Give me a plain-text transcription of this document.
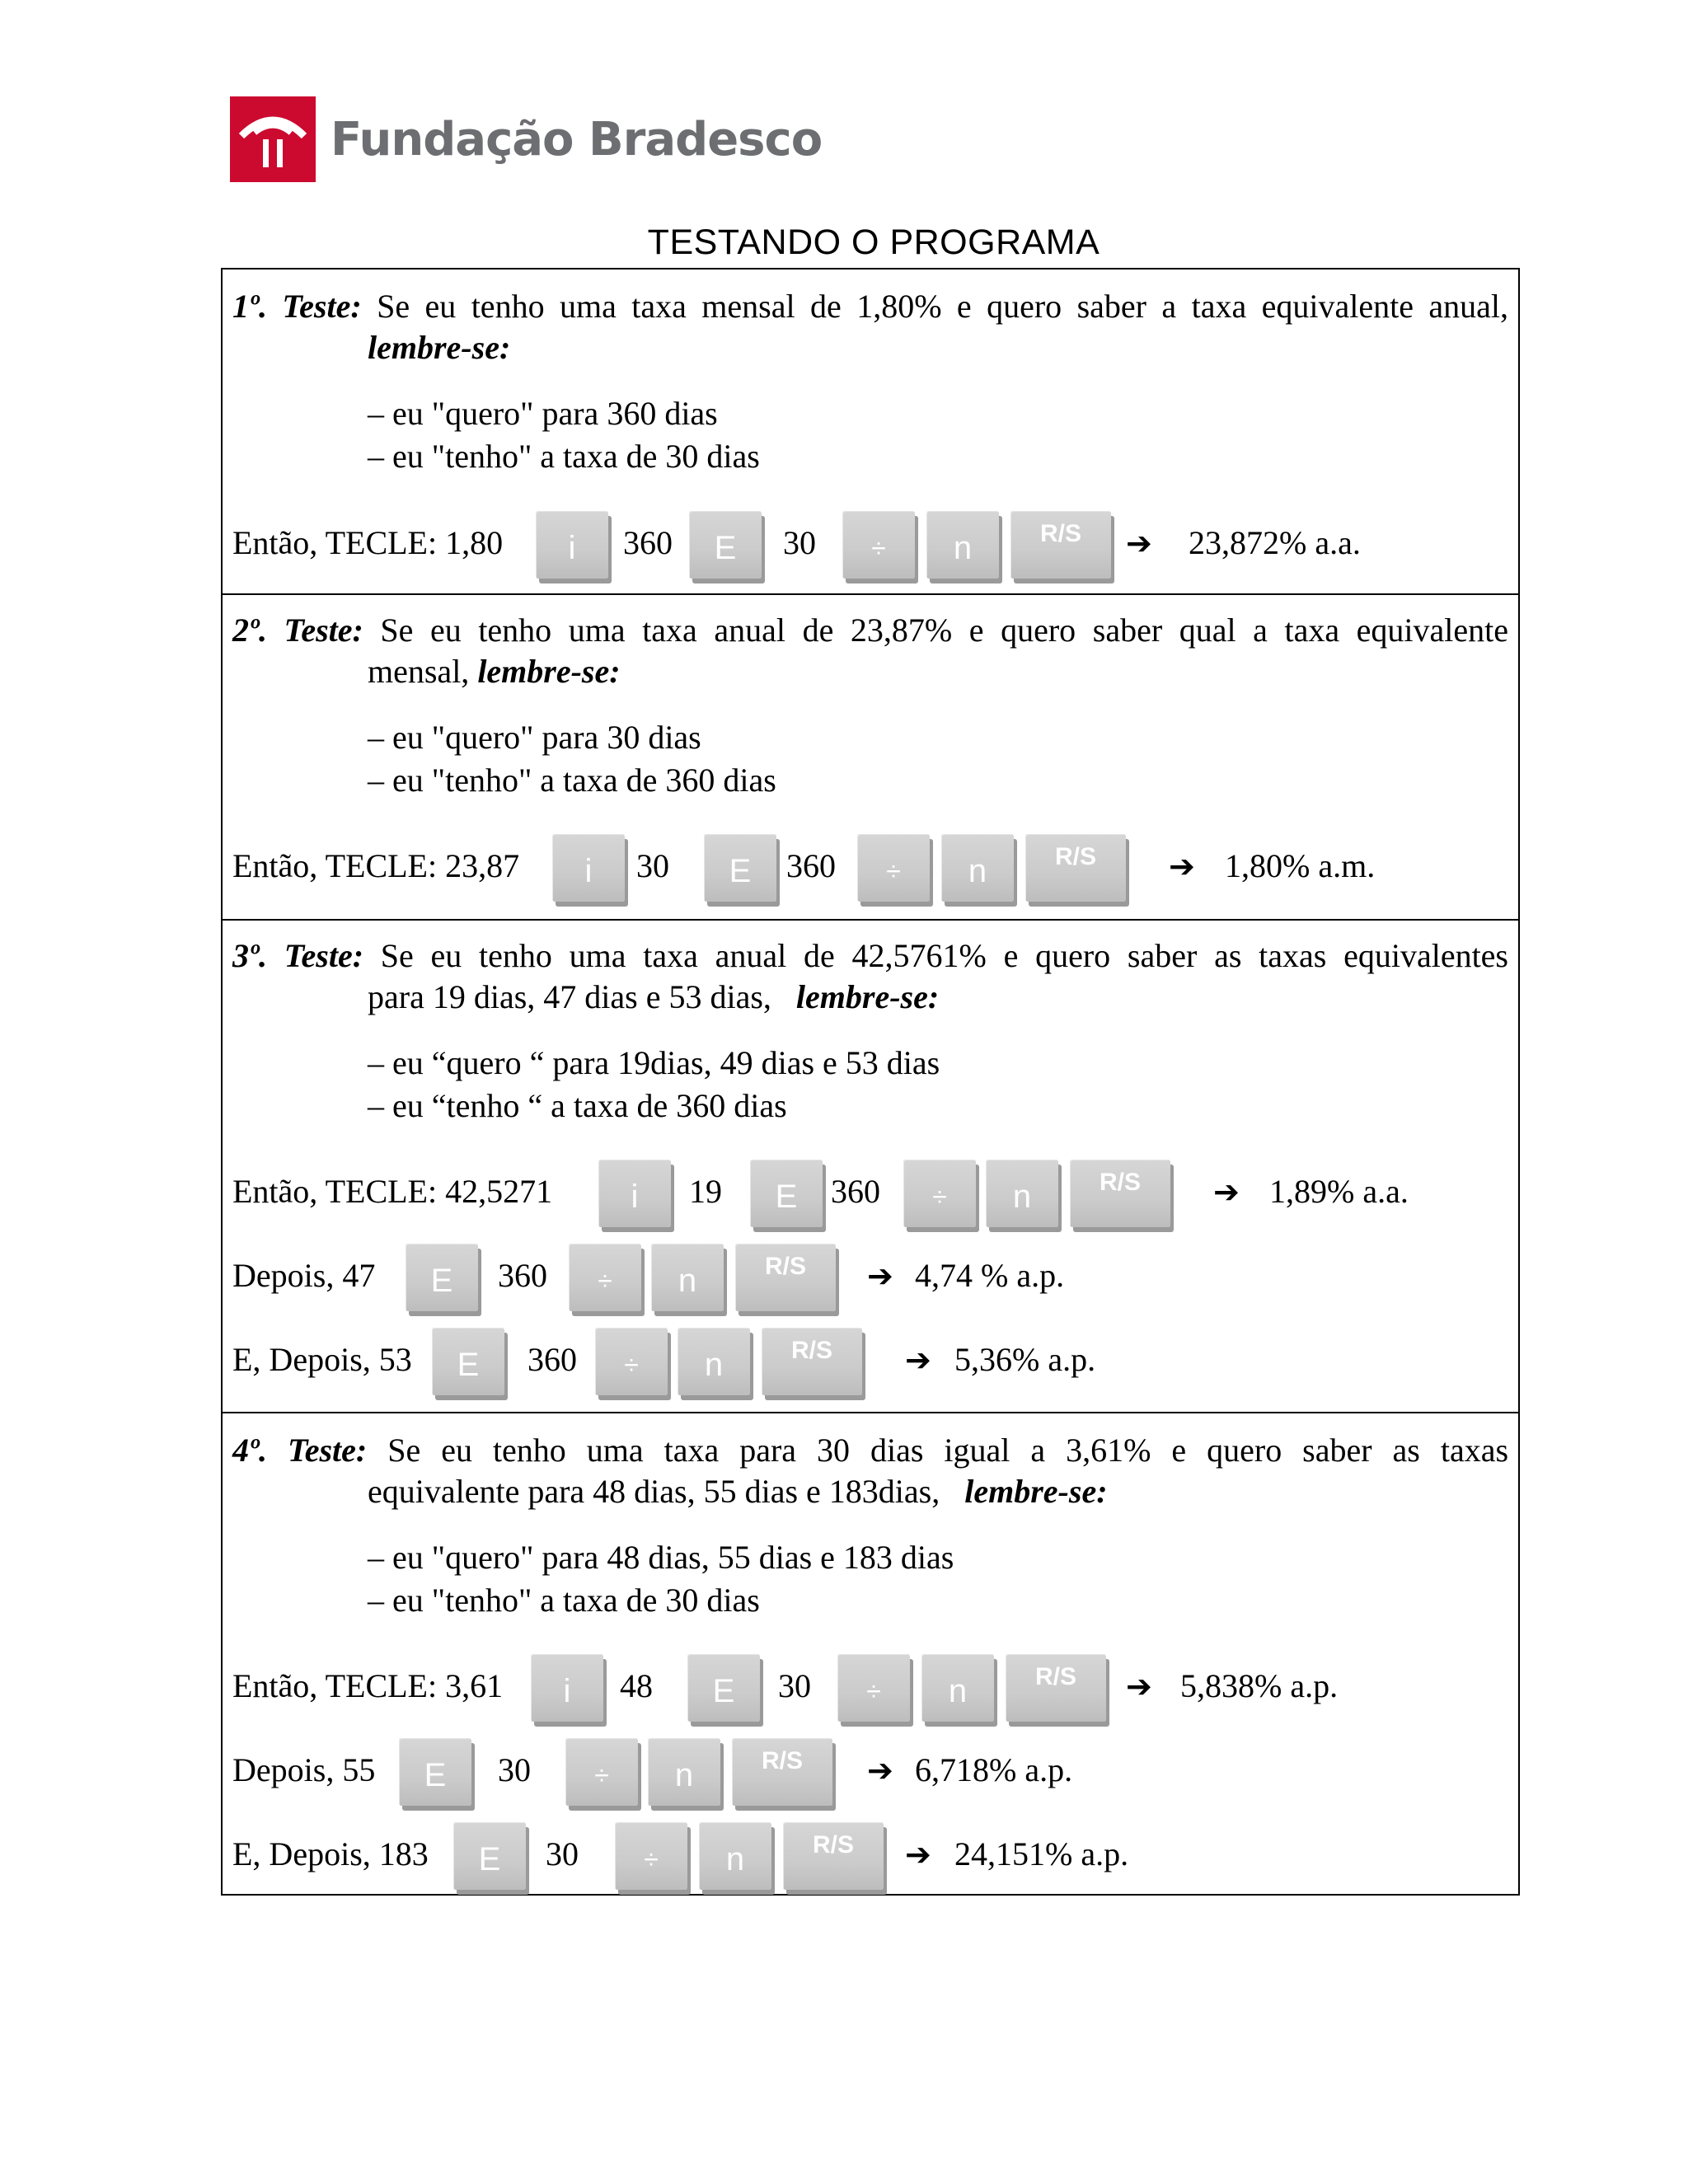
Fundação Bradesco
TESTANDO O PROGRAMA
1º. Teste: Se eu tenho uma taxa mensal de 1,80% e quero saber a taxa equivalente anual,
lembre-se:
– eu "quero" para 360 dias
– eu "tenho" a taxa de 30 dias
Então, TECLE: 1,80	i	360	E	30	÷	n	R/S	➔ 23,872% a.a.
2º. Teste: Se eu tenho uma taxa anual de 23,87% e quero saber qual a taxa equivalente
mensal, lembre-se:
– eu "quero" para 30 dias
– eu "tenho" a taxa de 360 dias
Então, TECLE: 23,87	i	30	E	360	÷	n	R/S	➔ 1,80% a.m.
3º. Teste: Se eu tenho uma taxa anual de 42,5761% e quero saber as taxas equivalentes
para 19 dias, 47 dias e 53 dias, lembre-se:
– eu “quero “ para 19dias, 49 dias e 53 dias
– eu “tenho “ a taxa de 360 dias
Então, TECLE: 42,5271	i	19	E	360	÷	n	R/S	➔ 1,89% a.a.
Depois, 47	E	360	÷	n	R/S	➔ 4,74 % a.p.
E, Depois, 53	E	360	÷	n	R/S	➔ 5,36% a.p.
4º. Teste: Se eu tenho uma taxa para 30 dias igual a 3,61% e quero saber as taxas
equivalente para 48 dias, 55 dias e 183dias, lembre-se:
– eu "quero" para 48 dias, 55 dias e 183 dias
– eu "tenho" a taxa de 30 dias
Então, TECLE: 3,61	i	48	E	30	÷	n	R/S	➔ 5,838% a.p.
Depois, 55	E	30	÷	n	R/S	➔ 6,718% a.p.
E, Depois, 183	E	30	÷	n	R/S	➔ 24,151% a.p.
